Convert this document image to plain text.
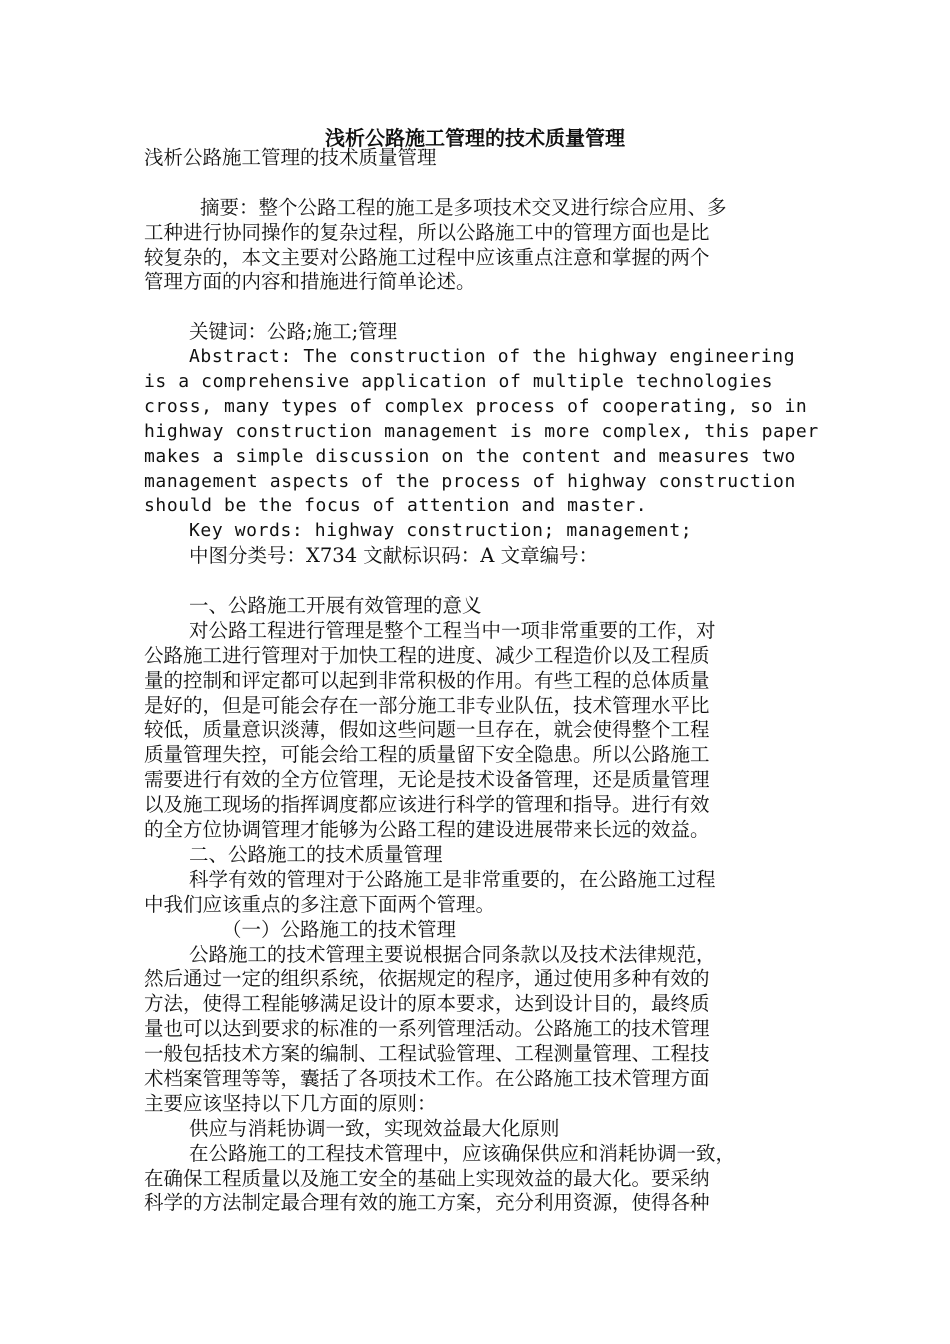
浅析公路施工管理的技术质量管理
浅析公路施工管理的技术质量管理
摘要：整个公路工程的施工是多项技术交叉进行综合应用、多
工种进行协同操作的复杂过程，所以公路施工中的管理方面也是比
较复杂的，本文主要对公路施工过程中应该重点注意和掌握的两个
管理方面的内容和措施进行简单论述。
关键词：公路;施工;管理
Abstract: The construction of the highway engineering
is a comprehensive application of multiple technologies
cross, many types of complex process of cooperating, so in
highway construction management is more complex, this paper
makes a simple discussion on the content and measures two
management aspects of the process of highway construction
should be the focus of attention and master.
Key words: highway construction; management;
中图分类号：X734 文献标识码：A 文章编号：
一、公路施工开展有效管理的意义
对公路工程进行管理是整个工程当中一项非常重要的工作，对
公路施工进行管理对于加快工程的进度、减少工程造价以及工程质
量的控制和评定都可以起到非常积极的作用。有些工程的总体质量
是好的，但是可能会存在一部分施工非专业队伍，技术管理水平比
较低，质量意识淡薄，假如这些问题一旦存在，就会使得整个工程
质量管理失控，可能会给工程的质量留下安全隐患。所以公路施工
需要进行有效的全方位管理，无论是技术设备管理，还是质量管理
以及施工现场的指挥调度都应该进行科学的管理和指导。进行有效
的全方位协调管理才能够为公路工程的建设进展带来长远的效益。
二、公路施工的技术质量管理
科学有效的管理对于公路施工是非常重要的，在公路施工过程
中我们应该重点的多注意下面两个管理。
（一）公路施工的技术管理
公路施工的技术管理主要说根据合同条款以及技术法律规范，
然后通过一定的组织系统，依据规定的程序，通过使用多种有效的
方法，使得工程能够满足设计的原本要求，达到设计目的，最终质
量也可以达到要求的标准的一系列管理活动。公路施工的技术管理
一般包括技术方案的编制、工程试验管理、工程测量管理、工程技
术档案管理等等，囊括了各项技术工作。在公路施工技术管理方面
主要应该坚持以下几方面的原则：
供应与消耗协调一致，实现效益最大化原则
在公路施工的工程技术管理中，应该确保供应和消耗协调一致，
在确保工程质量以及施工安全的基础上实现效益的最大化。要采纳
科学的方法制定最合理有效的施工方案，充分利用资源，使得各种
